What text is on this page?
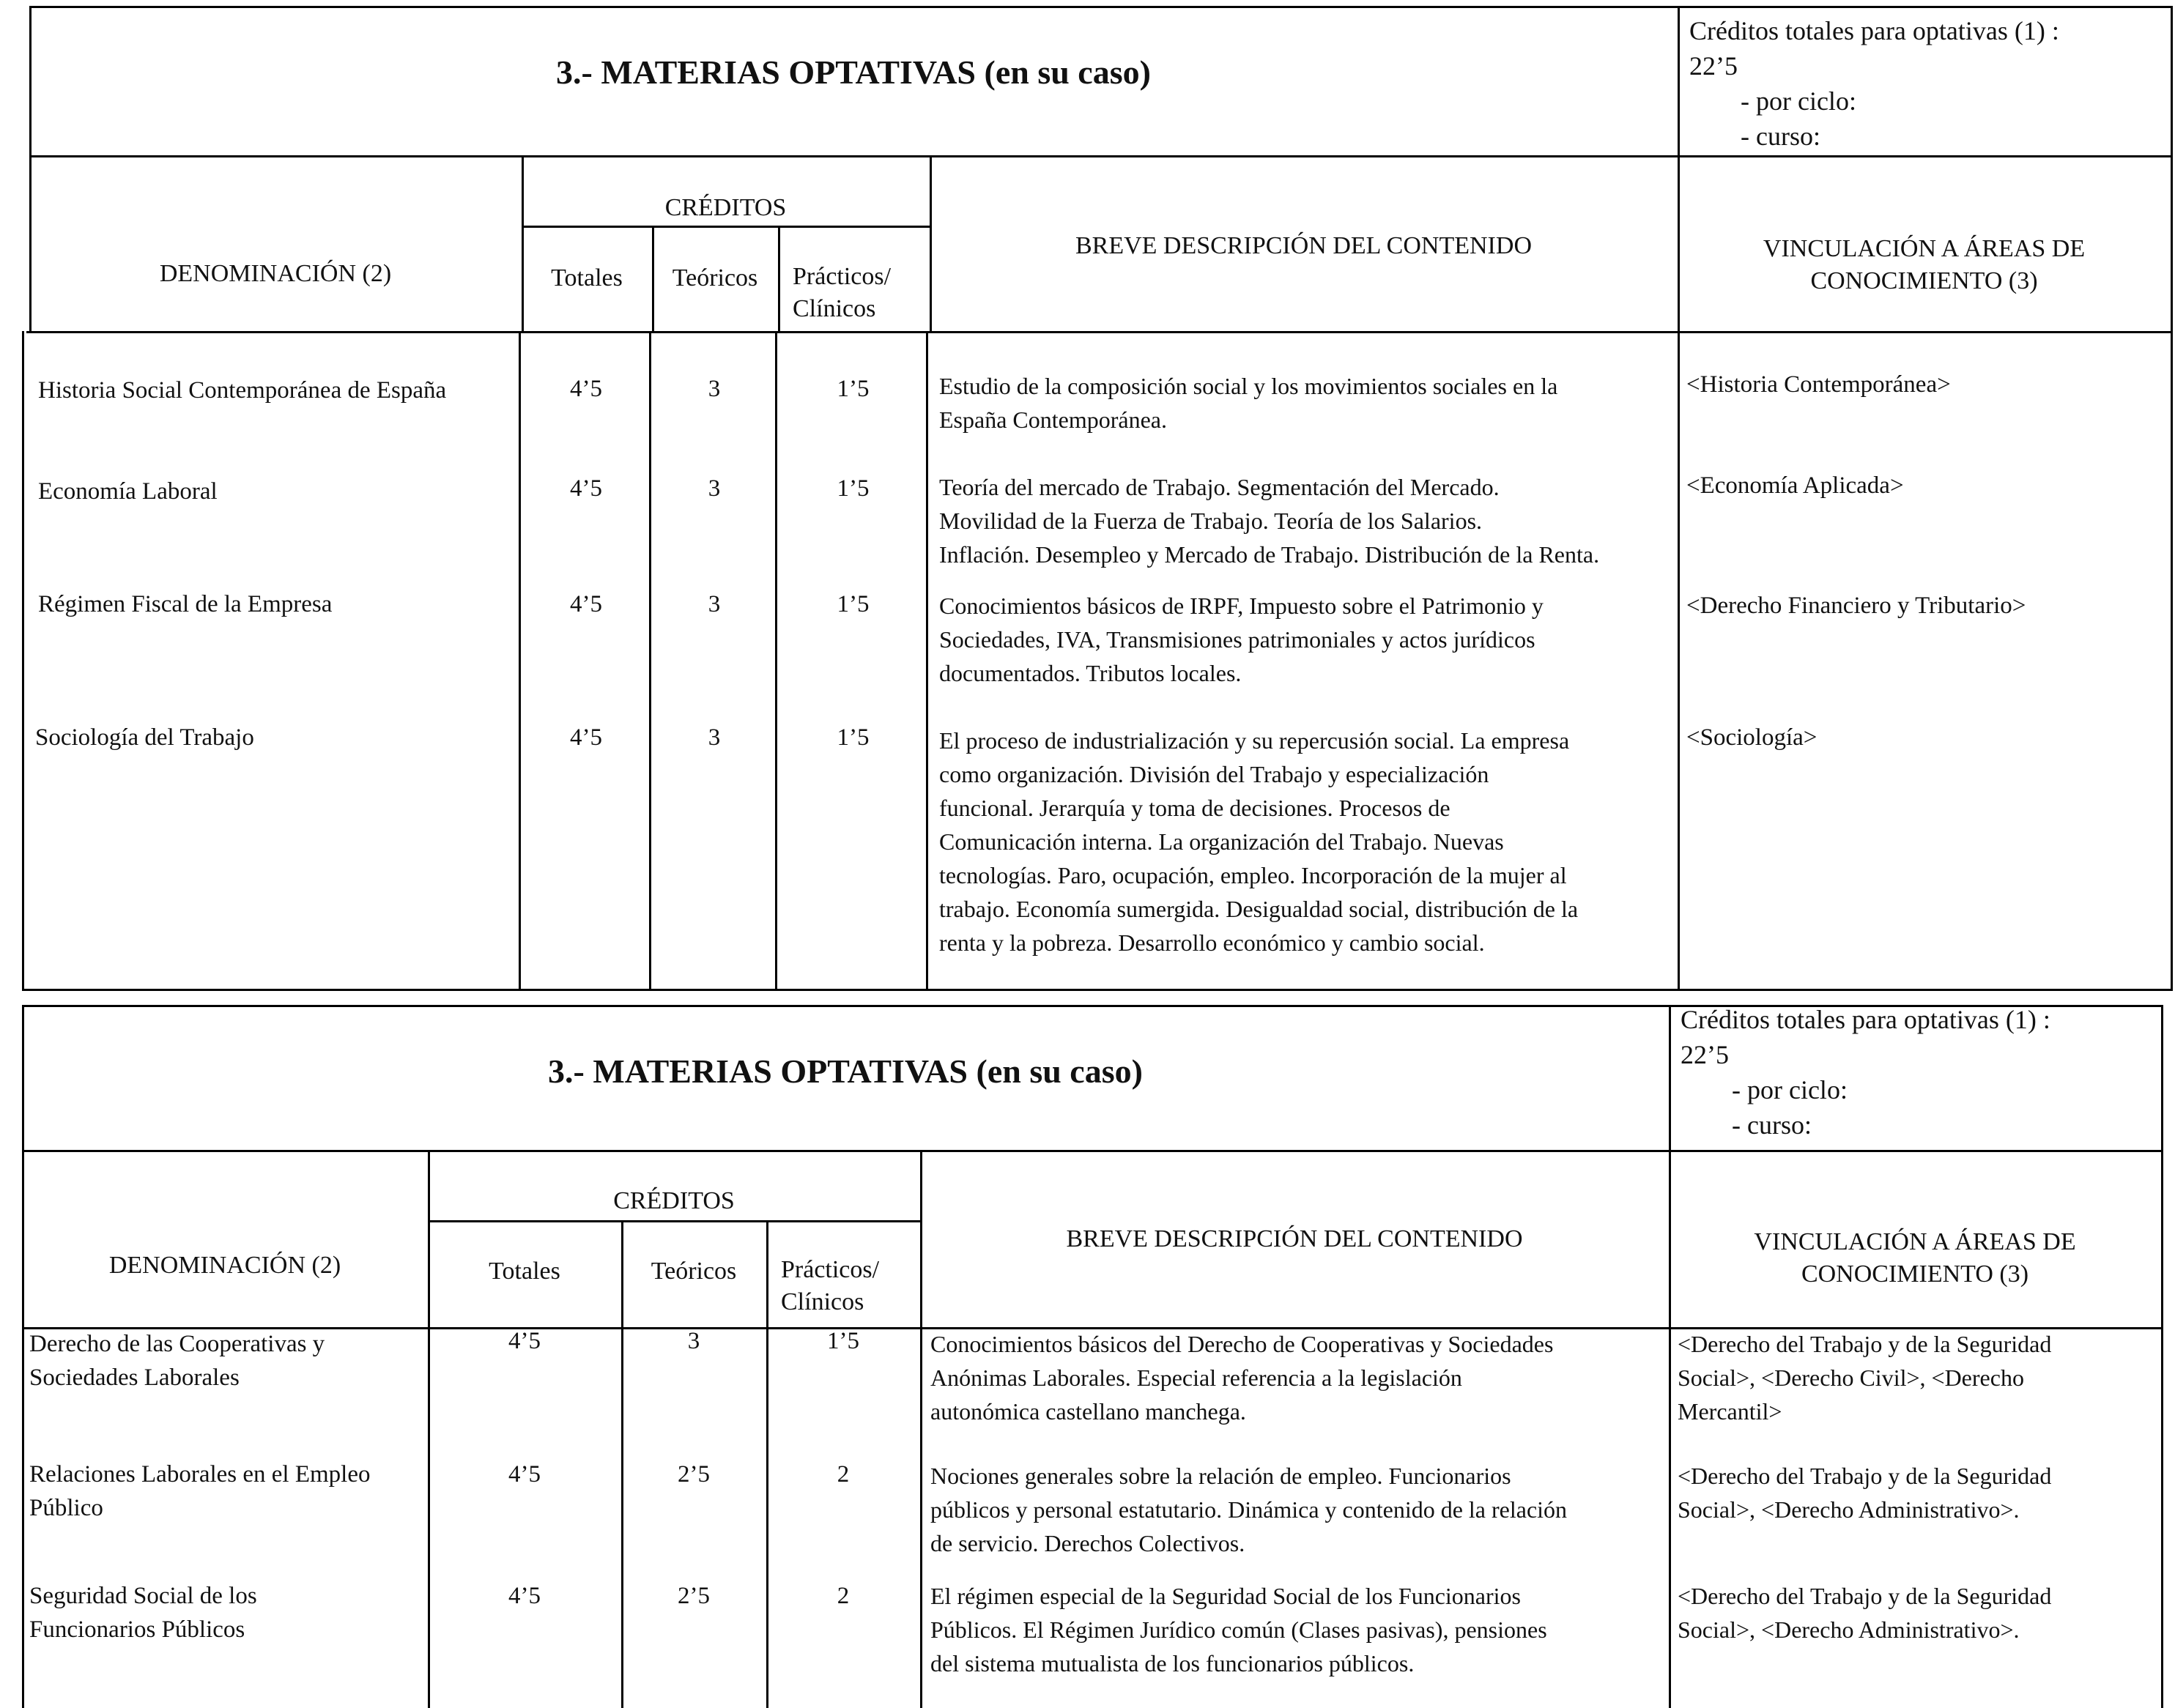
3.- MATERIAS OPTATIVAS (en su caso)
Créditos totales para optativas (1) :
22’5
- por ciclo:
- curso:
DENOMINACIÓN (2)
CRÉDITOS
Totales	Teóricos	Prácticos/
Clínicos
BREVE DESCRIPCIÓN DEL CONTENIDO	VINCULACIÓN A ÁREAS DE
CONOCIMIENTO (3)
Historia Social Contemporánea de España	4’5	3	1’5	Estudio de la composición social y los movimientos sociales en la
España Contemporánea.
<Historia Contemporánea>
Economía Laboral	4’5	3	1’5	Teoría del mercado de Trabajo. Segmentación del Mercado.
Movilidad de la Fuerza de Trabajo. Teoría de los Salarios.
Inflación. Desempleo y Mercado de Trabajo. Distribución de la Renta.
<Economía Aplicada>
Régimen Fiscal de la Empresa	4’5	3	1’5	Conocimientos básicos de IRPF, Impuesto sobre el Patrimonio y
Sociedades, IVA, Transmisiones patrimoniales y actos jurídicos
documentados. Tributos locales.
<Derecho Financiero y Tributario>
Sociología del Trabajo	4’5	3	1’5	El proceso de industrialización y su repercusión social. La empresa
como organización. División del Trabajo y especialización
funcional. Jerarquía y toma de decisiones. Procesos de
Comunicación interna. La organización del Trabajo. Nuevas
tecnologías. Paro, ocupación, empleo. Incorporación de la mujer al
trabajo. Economía sumergida. Desigualdad social, distribución de la
renta y la pobreza. Desarrollo económico y cambio social.
<Sociología>
3.- MATERIAS OPTATIVAS (en su caso)
Créditos totales para optativas (1) :
22’5
- por ciclo:
- curso:
DENOMINACIÓN (2)
CRÉDITOS
Totales	Teóricos	Prácticos/
Clínicos
BREVE DESCRIPCIÓN DEL CONTENIDO	VINCULACIÓN A ÁREAS DE
CONOCIMIENTO (3)
Derecho de las Cooperativas y
Sociedades Laborales
4’5	3	1’5	Conocimientos básicos del Derecho de Cooperativas y Sociedades
Anónimas Laborales. Especial referencia a la legislación
autonómica castellano manchega.
<Derecho del Trabajo y de la Seguridad
Social>, <Derecho Civil>, <Derecho
Mercantil>
Relaciones Laborales en el Empleo
Público
4’5	2’5	2	Nociones generales sobre la relación de empleo. Funcionarios
públicos y personal estatutario. Dinámica y contenido de la relación
de servicio. Derechos Colectivos.
<Derecho del Trabajo y de la Seguridad
Social>, <Derecho Administrativo>.
Seguridad Social de los
Funcionarios Públicos
4’5	2’5	2	El régimen especial de la Seguridad Social de los Funcionarios
Públicos. El Régimen Jurídico común (Clases pasivas), pensiones
del sistema mutualista de los funcionarios públicos.
<Derecho del Trabajo y de la Seguridad
Social>, <Derecho Administrativo>.
